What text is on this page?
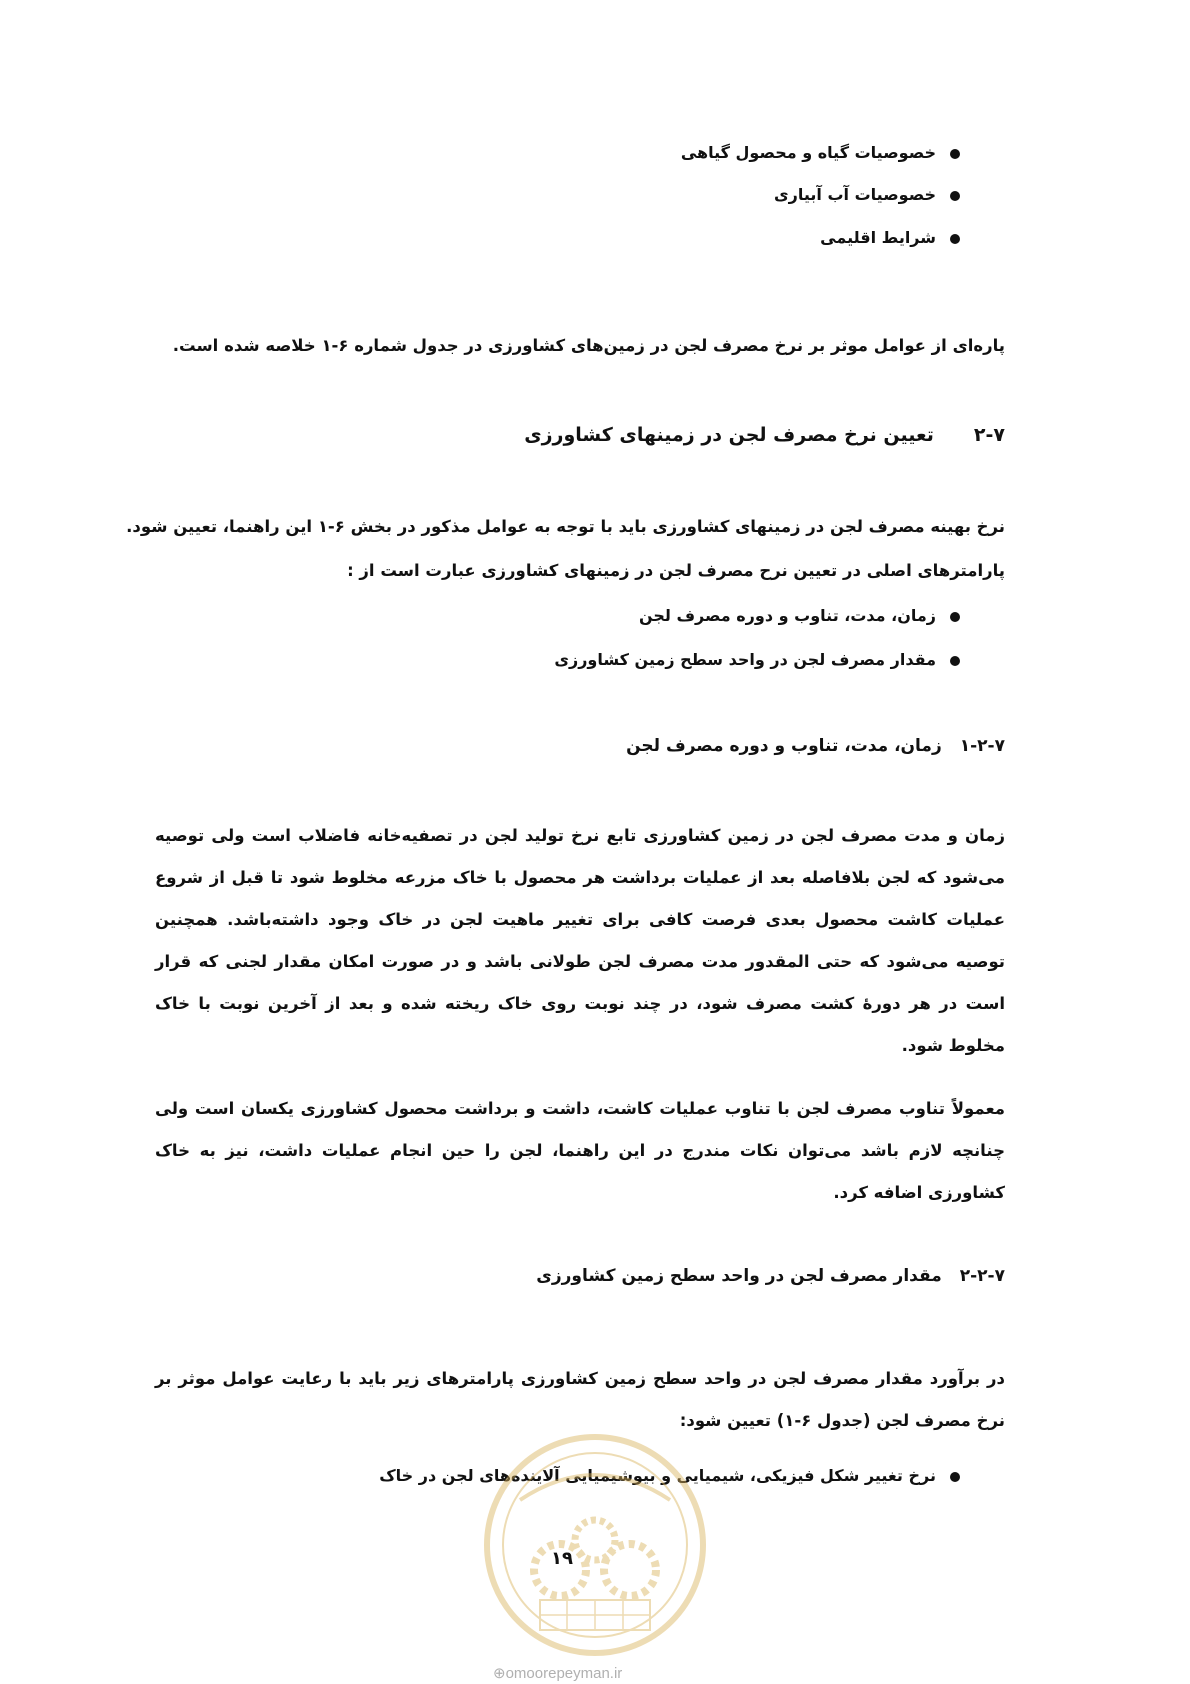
خصوصیات گیاه و محصول گیاهی
خصوصیات آب آبیاری
شرایط اقلیمی
پاره‌ای از عوامل موثر بر نرخ مصرف لجن در زمین‌های کشاورزی در جدول شماره ۶-۱ خلاصه شده است.
۲-۷تعیین نرخ مصرف لجن در زمینهای کشاورزی
نرخ بهینه مصرف لجن در زمینهای کشاورزی باید با توجه به عوامل مذکور در بخش ۶-۱ این راهنما، تعیین شود.
پارامترهای اصلی در تعیین نرح مصرف لجن در زمینهای کشاورزی عبارت است از :
زمان، مدت، تناوب و دوره مصرف لجن
مقدار مصرف لجن در واحد سطح زمین کشاورزی
۱-۲-۷زمان، مدت، تناوب و دوره مصرف لجن
زمان و مدت مصرف لجن در زمین کشاورزی تابع نرخ تولید لجن در تصفیه‌خانه فاضلاب است ولی توصیه می‌شود که لجن بلافاصله بعد از عملیات برداشت هر محصول با خاک مزرعه مخلوط شود تا قبل از شروع عملیات کاشت محصول بعدی فرصت کافی برای تغییر ماهیت لجن در خاک وجود داشته‌باشد. همچنین توصیه می‌شود که حتی المقدور مدت مصرف لجن طولانی باشد و در صورت امکان مقدار لجنی که قرار است در هر دورهٔ کشت مصرف شود، در چند نوبت روی خاک ریخته شده و بعد از آخرین نوبت با خاک مخلوط شود.
معمولاً تناوب مصرف لجن با تناوب عملیات کاشت، داشت و برداشت محصول کشاورزی یکسان است ولی چنانچه لازم باشد می‌توان نکات مندرج در این راهنما، لجن را حین انجام عملیات داشت، نیز به خاک کشاورزی اضافه کرد.
۲-۲-۷مقدار مصرف لجن در واحد سطح زمین کشاورزی
در برآورد مقدار مصرف لجن در واحد سطح زمین کشاورزی پارامترهای زیر باید با رعایت عوامل موثر بر نرخ مصرف لجن (جدول ۶-۱) تعیین شود:
نرخ تغییر شکل فیزیکی، شیمیایی و بیوشیمیایی آلاینده‌های لجن در خاک
۱۹
⊕omoorepeyman.ir
